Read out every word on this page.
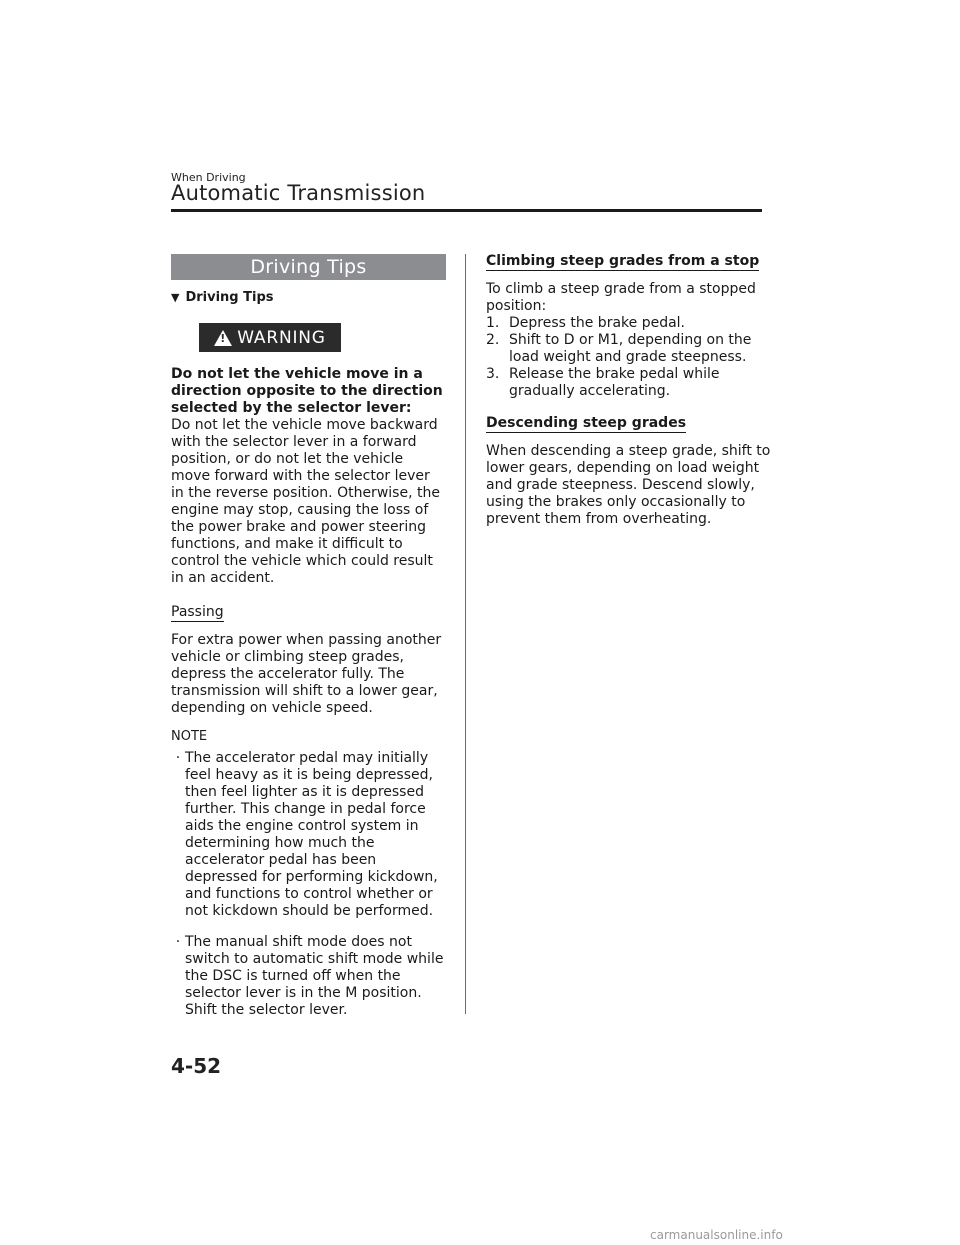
When Driving
Automatic Transmission
Driving Tips
▼ Driving Tips
! WARNING

Do not let the vehicle move in a direction opposite to the direction selected by the selector lever:

Do not let the vehicle move backward with the selector lever in a forward position, or do not let the vehicle move forward with the selector lever in the reverse position. Otherwise, the engine may stop, causing the loss of the power brake and power steering functions, and make it difficult to control the vehicle which could result in an accident.

Passing

For extra power when passing another vehicle or climbing steep grades, depress the accelerator fully. The transmission will shift to a lower gear, depending on vehicle speed.

NOTE
· The accelerator pedal may initially feel heavy as it is being depressed, then feel lighter as it is depressed further. This change in pedal force aids the engine control system in determining how much the accelerator pedal has been depressed for performing kickdown, and functions to control whether or not kickdown should be performed.
· The manual shift mode does not switch to automatic shift mode while the DSC is turned off when the selector lever is in the M position. Shift the selector lever.
Climbing steep grades from a stop

To climb a steep grade from a stopped position:

1. Depress the brake pedal.
2. Shift to D or M1, depending on the load weight and grade steepness.
3. Release the brake pedal while gradually accelerating.
Descending steep grades

When descending a steep grade, shift to lower gears, depending on load weight and grade steepness. Descend slowly, using the brakes only occasionally to prevent them from overheating.

4-52
carmanualsonline.info
